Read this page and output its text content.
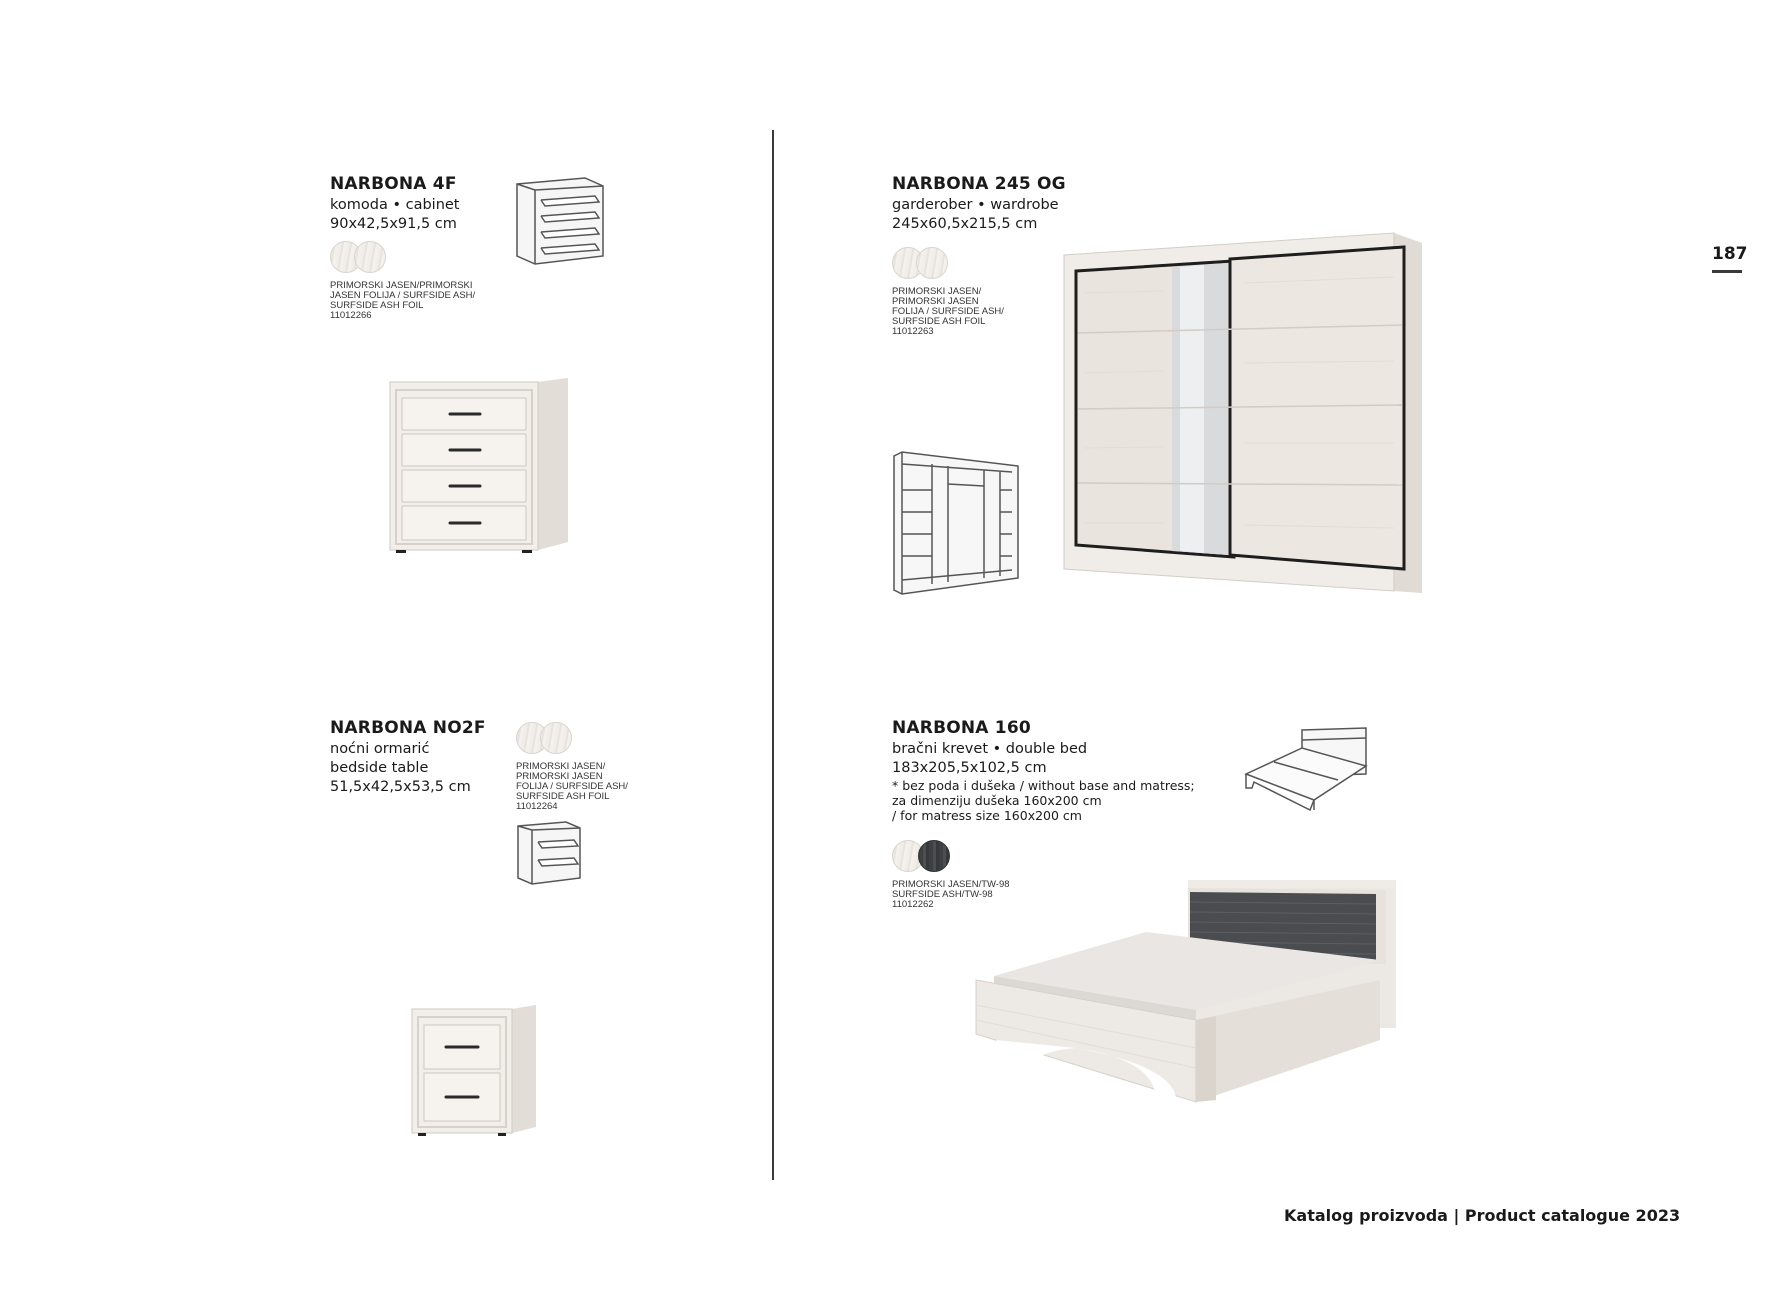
187
NARBONA 4F
komoda • cabinet
90x42,5x91,5 cm
PRIMORSKI JASEN/PRIMORSKI
JASEN FOLIJA / SURFSIDE ASH/
SURFSIDE ASH FOIL
11012266
NARBONA 245 OG
garderober • wardrobe
245x60,5x215,5 cm
PRIMORSKI JASEN/
PRIMORSKI JASEN
FOLIJA / SURFSIDE ASH/
SURFSIDE ASH FOIL
11012263
NARBONA NO2F
noćni ormarić
bedside table
51,5x42,5x53,5 cm
PRIMORSKI JASEN/
PRIMORSKI JASEN
FOLIJA / SURFSIDE ASH/
SURFSIDE ASH FOIL
11012264
NARBONA 160
bračni krevet • double bed
183x205,5x102,5 cm
* bez poda i dušeka / without base and matress;
za dimenziju dušeka 160x200 cm
/ for matress size 160x200 cm
PRIMORSKI JASEN/TW-98
SURFSIDE ASH/TW-98
11012262
Katalog proizvoda | Product catalogue 2023
